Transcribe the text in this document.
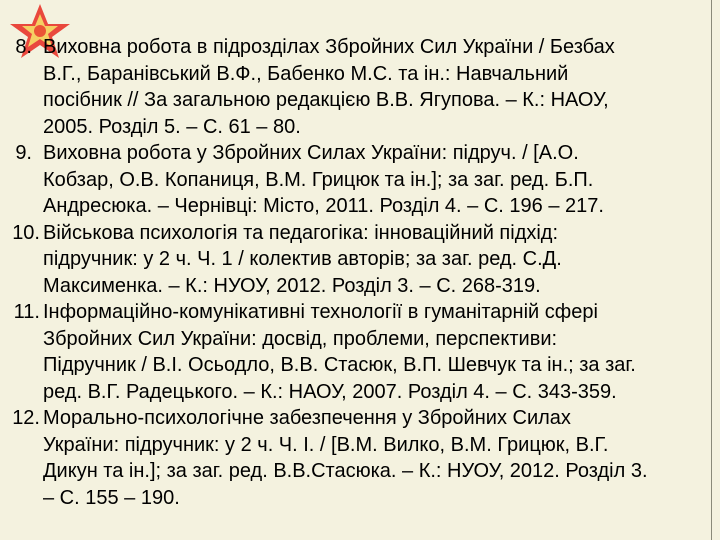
8. Виховна робота в підрозділах Збройних Сил України / Безбах
В.Г., Баранівський В.Ф., Бабенко М.С. та ін.: Навчальний
посібник // За загальною редакцією В.В. Ягупова. – К.: НАОУ,
2005. Розділ 5. – С. 61 – 80.
9. Виховна робота у Збройних Силах України: підруч. / [А.О.
Кобзар, О.В. Копаниця, В.М. Грицюк та ін.]; за заг. ред. Б.П.
Андресюка. – Чернівці: Місто, 2011. Розділ 4. – С. 196 – 217.
10. Військова психологія та педагогіка: інноваційний підхід:
підручник: у 2 ч. Ч. 1 / колектив авторів; за заг. ред. С.Д.
Максименка. – К.: НУОУ, 2012. Розділ 3. – С. 268-319.
11. Інформаційно-комунікативні технології в гуманітарній сфері
Збройних Сил України: досвід, проблеми, перспективи:
Підручник / В.І. Осьодло, В.В. Стасюк, В.П. Шевчук та ін.; за заг.
ред. В.Г. Радецького. – К.: НАОУ, 2007. Розділ 4. – С. 343-359.
12. Морально-психологічне забезпечення у Збройних Силах
України: підручник: у 2 ч. Ч. І. / [В.М. Вилко, В.М. Грицюк, В.Г.
Дикун та ін.]; за заг. ред. В.В.Стасюка. – К.: НУОУ, 2012. Розділ 3.
– С. 155 – 190.
